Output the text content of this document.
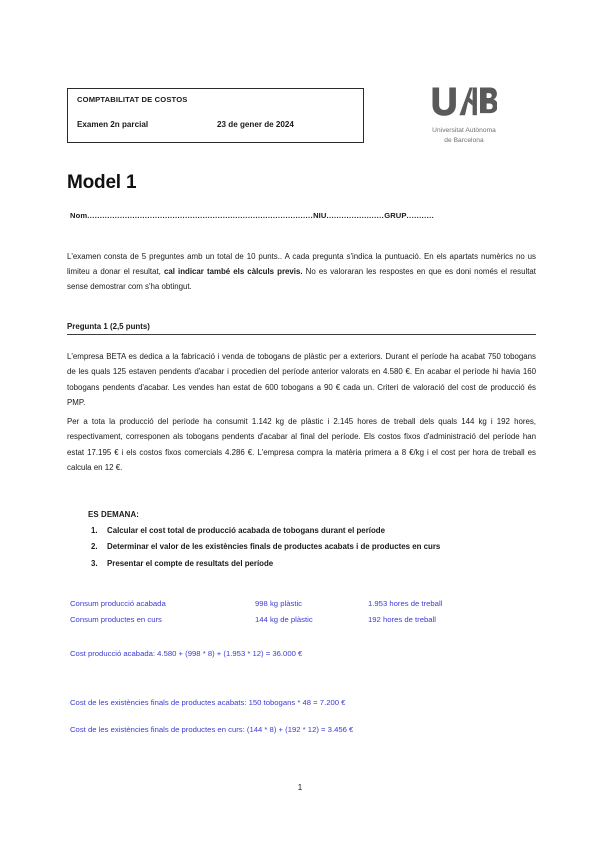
COMPTABILITAT DE COSTOS
Examen 2n parcial	23 de gener de 2024
Universitat Autònoma
de Barcelona
Model 1
Nom..........................................................................................NIU.......................GRUP...........
L'examen consta de 5 preguntes amb un total de 10 punts.. A cada pregunta s'indica la puntuació. En els apartats numèrics no us limiteu a donar el resultat, cal indicar també els càlculs previs. No es valoraran les respostes en que es doni només el resultat sense demostrar com s'ha obtingut.
Pregunta 1 (2,5 punts)
L'empresa BETA es dedica a la fabricació i venda de tobogans de plàstic per a exteriors. Durant el període ha acabat 750 tobogans de les quals 125 estaven pendents d'acabar i procedien del període anterior valorats en 4.580 €. En acabar el període hi havia 160 tobogans pendents d'acabar. Les vendes han estat de 600 tobogans a 90 € cada un. Criteri de valoració del cost de producció és PMP.
Per a tota la producció del període ha consumit 1.142 kg de plàstic i 2.145 hores de treball dels quals 144 kg i 192 hores, respectivament, corresponen als tobogans pendents d'acabar al final del període. Els costos fixos d'administració del període han estat 17.195 € i els costos fixos comercials 4.286 €. L'empresa compra la matèria primera a 8 €/kg i el cost per hora de treball es calcula en 12 €.
ES DEMANA:
1.	Calcular el cost total de producció acabada de tobogans durant el període
2.	Determinar el valor de les existències finals de productes acabats i de productes en curs
3.	Presentar el compte de resultats del període
Consum producció acabada	998 kg plàstic	1.953 hores de treball
Consum productes en curs	144 kg de plàstic	192 hores de treball
Cost producció acabada: 4.580 + (998 * 8) + (1.953 * 12) = 36.000 €
Cost de les existències finals de productes acabats: 150 tobogans * 48 = 7.200 €
Cost de les existències finals de productes en curs: (144 * 8) + (192 * 12) = 3.456 €
1
